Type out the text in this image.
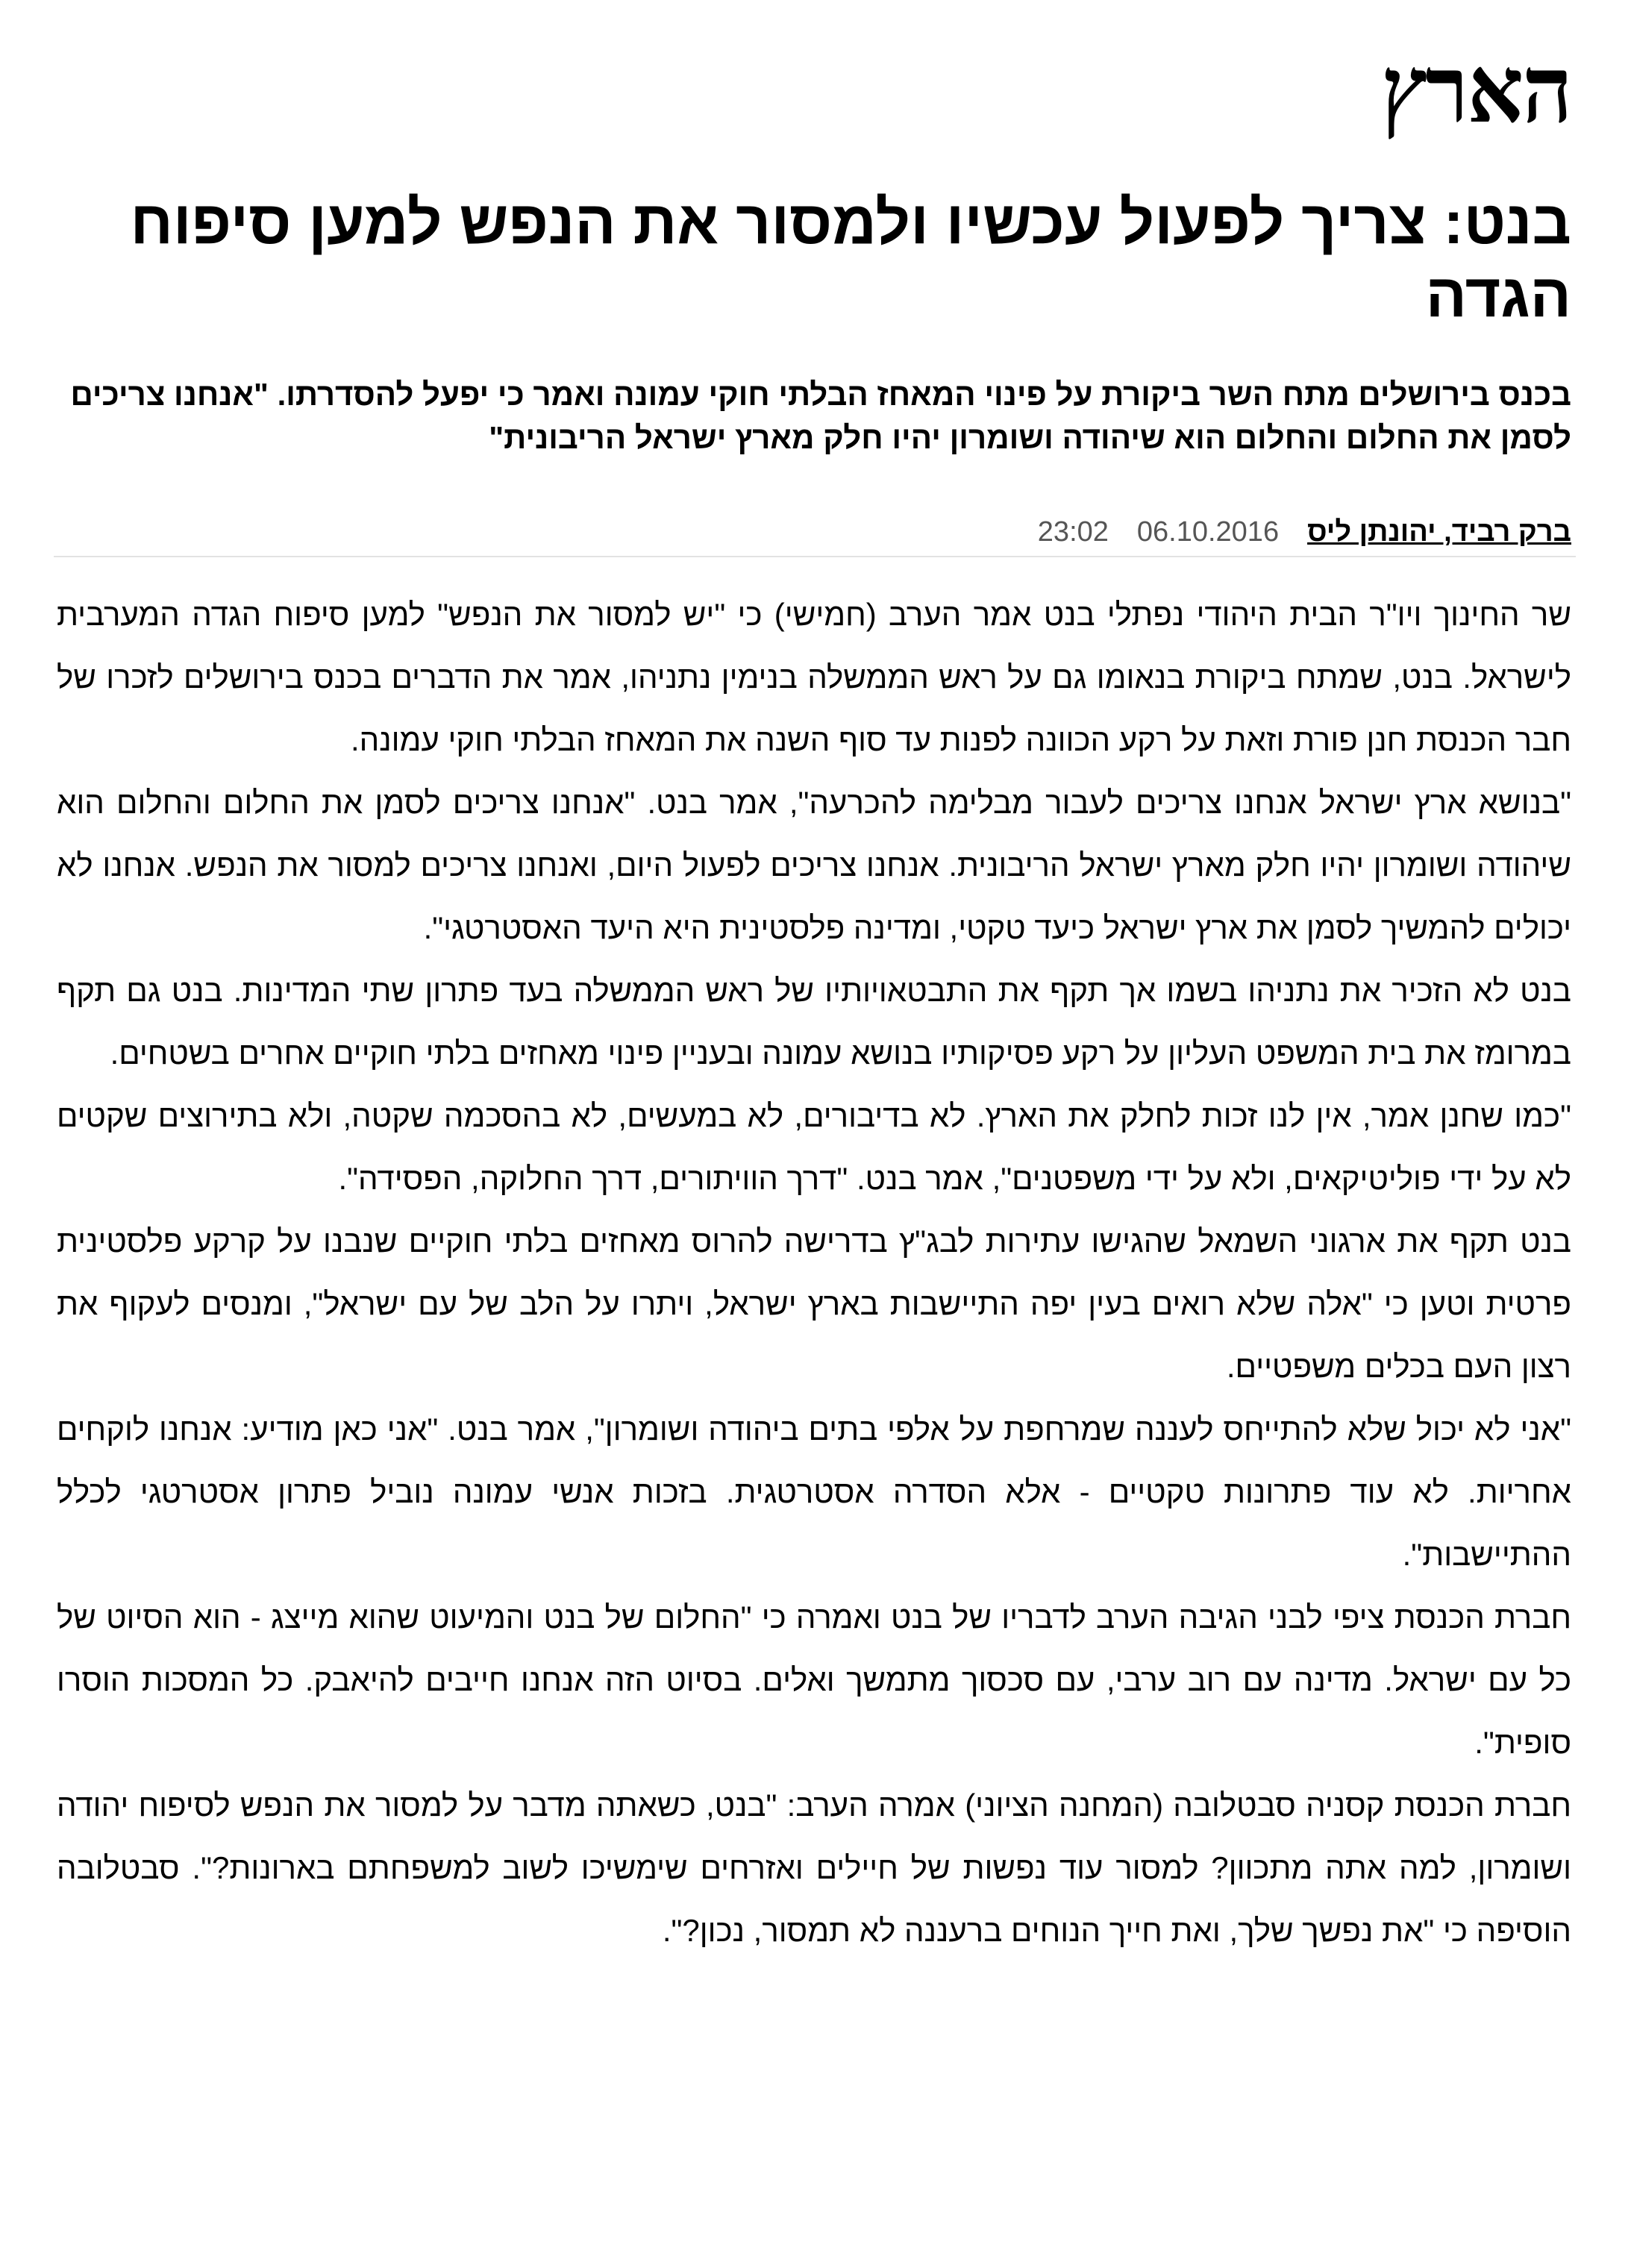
הארץ
בנט: צריך לפעול עכשיו ולמסור את הנפש למען סיפוח הגדה
בכנס בירושלים מתח השר ביקורת על פינוי המאחז הבלתי חוקי עמונה ואמר כי יפעל להסדרתו. "אנחנו צריכים לסמן את החלום והחלום הוא שיהודה ושומרון יהיו חלק מארץ ישראל הריבונית"
ברק רביד, יהונתן ליס
06.10.2016
23:02

שר החינוך ויו"ר הבית היהודי נפתלי בנט אמר הערב (חמישי) כי "יש למסור את הנפש" למען סיפוח הגדה המערבית לישראל. בנט, שמתח ביקורת בנאומו גם על ראש הממשלה בנימין נתניהו, אמר את הדברים בכנס בירושלים לזכרו של חבר הכנסת חנן פורת וזאת על רקע הכוונה לפנות עד סוף השנה את המאחז הבלתי חוקי עמונה.

"בנושא ארץ ישראל אנחנו צריכים לעבור מבלימה להכרעה", אמר בנט. "אנחנו צריכים לסמן את החלום והחלום הוא שיהודה ושומרון יהיו חלק מארץ ישראל הריבונית. אנחנו צריכים לפעול היום, ואנחנו צריכים למסור את הנפש. אנחנו לא יכולים להמשיך לסמן את ארץ ישראל כיעד טקטי, ומדינה פלסטינית היא היעד האסטרטגי".

בנט לא הזכיר את נתניהו בשמו אך תקף את התבטאויותיו של ראש הממשלה בעד פתרון שתי המדינות. בנט גם תקף במרומז את בית המשפט העליון על רקע פסיקותיו בנושא עמונה ובעניין פינוי מאחזים בלתי חוקיים אחרים בשטחים.

"כמו שחנן אמר, אין לנו זכות לחלק את הארץ. לא בדיבורים, לא במעשים, לא בהסכמה שקטה, ולא בתירוצים שקטים לא על ידי פוליטיקאים, ולא על ידי משפטנים", אמר בנט. "דרך הוויתורים, דרך החלוקה, הפסידה".

בנט תקף את ארגוני השמאל שהגישו עתירות לבג"ץ בדרישה להרוס מאחזים בלתי חוקיים שנבנו על קרקע פלסטינית פרטית וטען כי "אלה שלא רואים בעין יפה התיישבות בארץ ישראל, ויתרו על הלב של עם ישראל", ומנסים לעקוף את רצון העם בכלים משפטיים.

"אני לא יכול שלא להתייחס לעננה שמרחפת על אלפי בתים ביהודה ושומרון", אמר בנט. "אני כאן מודיע: אנחנו לוקחים אחריות. לא עוד פתרונות טקטיים - אלא הסדרה אסטרטגית. בזכות אנשי עמונה נוביל פתרון אסטרטגי לכלל ההתיישבות".

חברת הכנסת ציפי לבני הגיבה הערב לדבריו של בנט ואמרה כי "החלום של בנט והמיעוט שהוא מייצג - הוא הסיוט של כל עם ישראל. מדינה עם רוב ערבי, עם סכסוך מתמשך ואלים. בסיוט הזה אנחנו חייבים להיאבק. כל המסכות הוסרו סופית".

חברת הכנסת קסניה סבטלובה (המחנה הציוני) אמרה הערב: "בנט, כשאתה מדבר על למסור את הנפש לסיפוח יהודה ושומרון, למה אתה מתכוון? למסור עוד נפשות של חיילים ואזרחים שימשיכו לשוב למשפחתם בארונות?". סבטלובה הוסיפה כי "את נפשך שלך, ואת חייך הנוחים ברעננה לא תמסור, נכון?".
